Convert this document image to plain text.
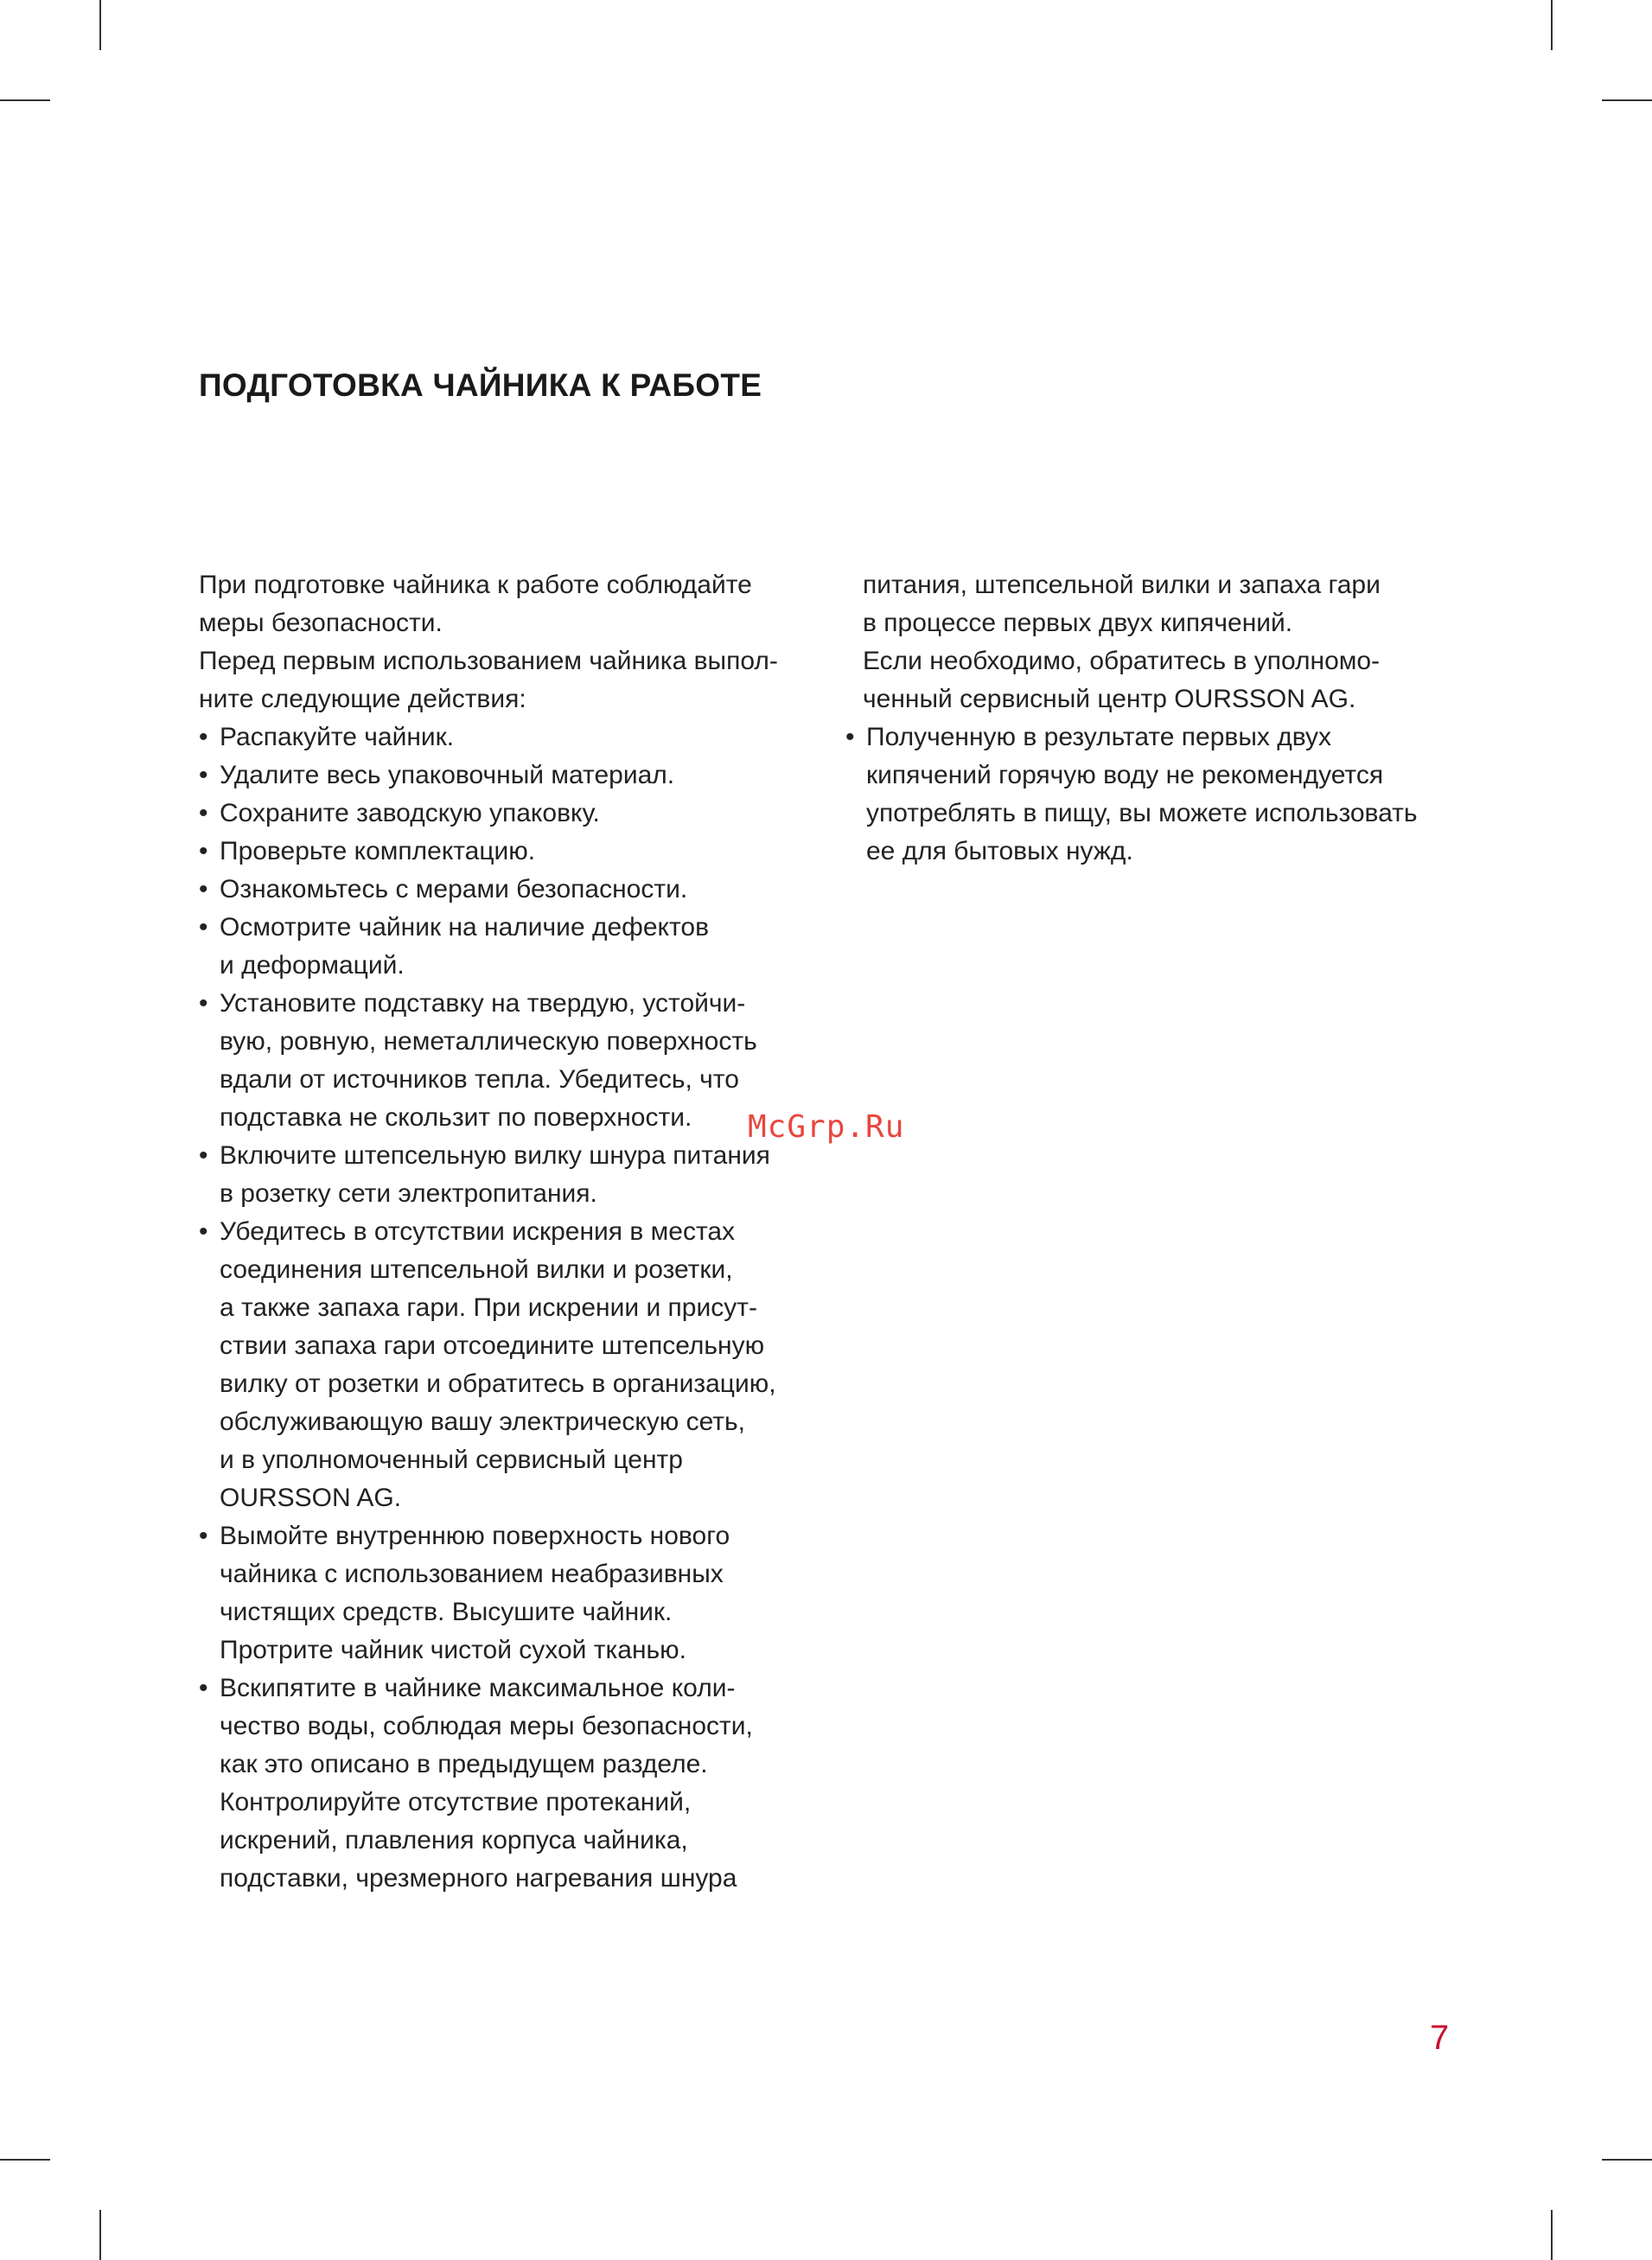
ПОДГОТОВКА ЧАЙНИКА К РАБОТЕ

При подготовке чайника к работе соблюдайте
меры безопасности.

Перед первым использованием чайника выпол-
ните следующие действия:

• Распакуйте чайник.
• Удалите весь упаковочный материал.
• Сохраните заводскую упаковку.
• Проверьте комплектацию.
• Ознакомьтесь с мерами безопасности.
• Осмотрите чайник на наличие дефектов
и деформаций.
• Установите подставку на твердую, устойчи-
вую, ровную, неметаллическую поверхность
вдали от источников тепла. Убедитесь, что
подставка не скользит по поверхности.
• Включите штепсельную вилку шнура питания
в розетку сети электропитания.
• Убедитесь в отсутствии искрения в местах
соединения штепсельной вилки и розетки,
а также запаха гари. При искрении и присут-
ствии запаха гари отсоедините штепсельную
вилку от розетки и обратитесь в организацию,
обслуживающую вашу электрическую сеть,
и в уполномоченный сервисный центр
OURSSON AG.
• Вымойте внутреннюю поверхность нового
чайника с использованием неабразивных
чистящих средств. Высушите чайник.
Протрите чайник чистой сухой тканью.
• Вскипятите в чайнике максимальное коли-
чество воды, соблюдая меры безопасности,
как это описано в предыдущем разделе.
Контролируйте отсутствие протеканий,
искрений, плавления корпуса чайника,
подставки, чрезмерного нагревания шнура

питания, штепсельной вилки и запаха гари
в процессе первых двух кипячений.
Если необходимо, обратитесь в уполномо-
ченный сервисный центр OURSSON AG.

• Полученную в результате первых двух
кипячений горячую воду не рекомендуется
употреблять в пищу, вы можете использовать
ее для бытовых нужд.
McGrp.Ru
7
